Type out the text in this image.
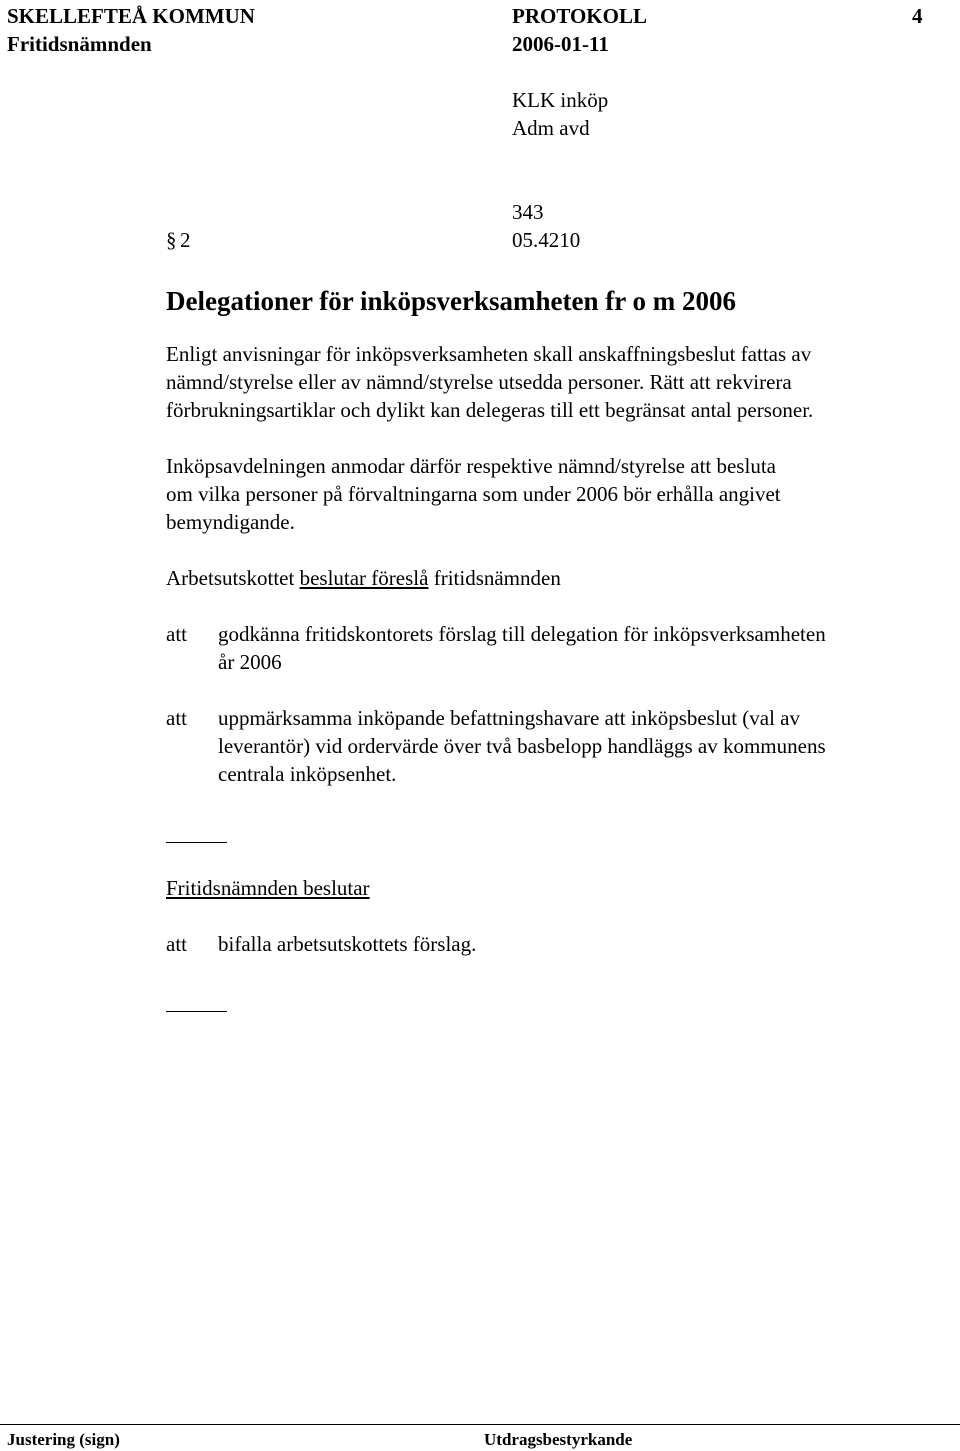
SKELLEFTEÅ KOMMUN	PROTOKOLL	4
Fritidsnämnden	2006-01-11
KLK inköp
Adm avd
343
§ 2	05.4210
Delegationer för inköpsverksamheten fr o m 2006
Enligt anvisningar för inköpsverksamheten skall anskaffningsbeslut fattas av
nämnd/styrelse eller av nämnd/styrelse utsedda personer. Rätt att rekvirera
förbrukningsartiklar och dylikt kan delegeras till ett begränsat antal personer.
Inköpsavdelningen anmodar därför respektive nämnd/styrelse att besluta
om vilka personer på förvaltningarna som under 2006 bör erhålla angivet
bemyndigande.
Arbetsutskottet beslutar föreslå fritidsnämnden
att godkänna fritidskontorets förslag till delegation för inköpsverksamheten
år 2006
att uppmärksamma inköpande befattningshavare att inköpsbeslut (val av
leverantör) vid ordervärde över två basbelopp handläggs av kommunens
centrala inköpsenhet.
Fritidsnämnden beslutar
att bifalla arbetsutskottets förslag.
Justering (sign)	Utdragsbestyrkande
